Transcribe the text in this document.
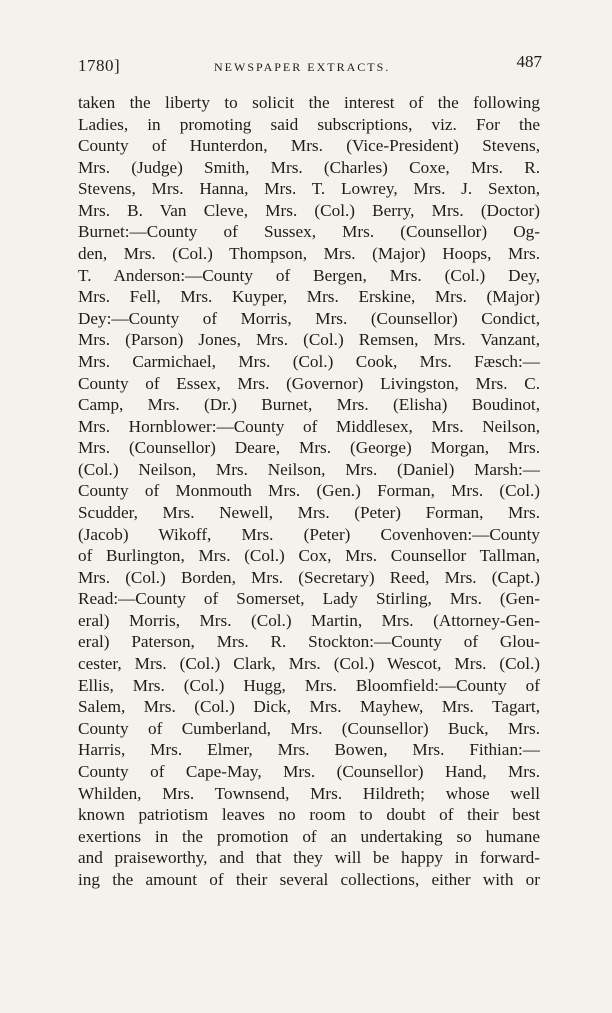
1780]	NEWSPAPER EXTRACTS.	487
taken the liberty to solicit the interest of the following
Ladies, in promoting said subscriptions, viz. For the
County of Hunterdon, Mrs. (Vice-President) Stevens,
Mrs. (Judge) Smith, Mrs. (Charles) Coxe, Mrs. R.
Stevens, Mrs. Hanna, Mrs. T. Lowrey, Mrs. J. Sexton,
Mrs. B. Van Cleve, Mrs. (Col.) Berry, Mrs. (Doctor)
Burnet:—County of Sussex, Mrs. (Counsellor) Og-
den, Mrs. (Col.) Thompson, Mrs. (Major) Hoops, Mrs.
T. Anderson:—County of Bergen, Mrs. (Col.) Dey,
Mrs. Fell, Mrs. Kuyper, Mrs. Erskine, Mrs. (Major)
Dey:—County of Morris, Mrs. (Counsellor) Condict,
Mrs. (Parson) Jones, Mrs. (Col.) Remsen, Mrs. Vanzant,
Mrs. Carmichael, Mrs. (Col.) Cook, Mrs. Fæsch:—
County of Essex, Mrs. (Governor) Livingston, Mrs. C.
Camp, Mrs. (Dr.) Burnet, Mrs. (Elisha) Boudinot,
Mrs. Hornblower:—County of Middlesex, Mrs. Neilson,
Mrs. (Counsellor) Deare, Mrs. (George) Morgan, Mrs.
(Col.) Neilson, Mrs. Neilson, Mrs. (Daniel) Marsh:—
County of Monmouth Mrs. (Gen.) Forman, Mrs. (Col.)
Scudder, Mrs. Newell, Mrs. (Peter) Forman, Mrs.
(Jacob) Wikoff, Mrs. (Peter) Covenhoven:—County
of Burlington, Mrs. (Col.) Cox, Mrs. Counsellor Tallman,
Mrs. (Col.) Borden, Mrs. (Secretary) Reed, Mrs. (Capt.)
Read:—County of Somerset, Lady Stirling, Mrs. (Gen-
eral) Morris, Mrs. (Col.) Martin, Mrs. (Attorney-Gen-
eral) Paterson, Mrs. R. Stockton:—County of Glou-
cester, Mrs. (Col.) Clark, Mrs. (Col.) Wescot, Mrs. (Col.)
Ellis, Mrs. (Col.) Hugg, Mrs. Bloomfield:—County of
Salem, Mrs. (Col.) Dick, Mrs. Mayhew, Mrs. Tagart,
County of Cumberland, Mrs. (Counsellor) Buck, Mrs.
Harris, Mrs. Elmer, Mrs. Bowen, Mrs. Fithian:—
County of Cape-May, Mrs. (Counsellor) Hand, Mrs.
Whilden, Mrs. Townsend, Mrs. Hildreth; whose well
known patriotism leaves no room to doubt of their best
exertions in the promotion of an undertaking so humane
and praiseworthy, and that they will be happy in forward-
ing the amount of their several collections, either with or
